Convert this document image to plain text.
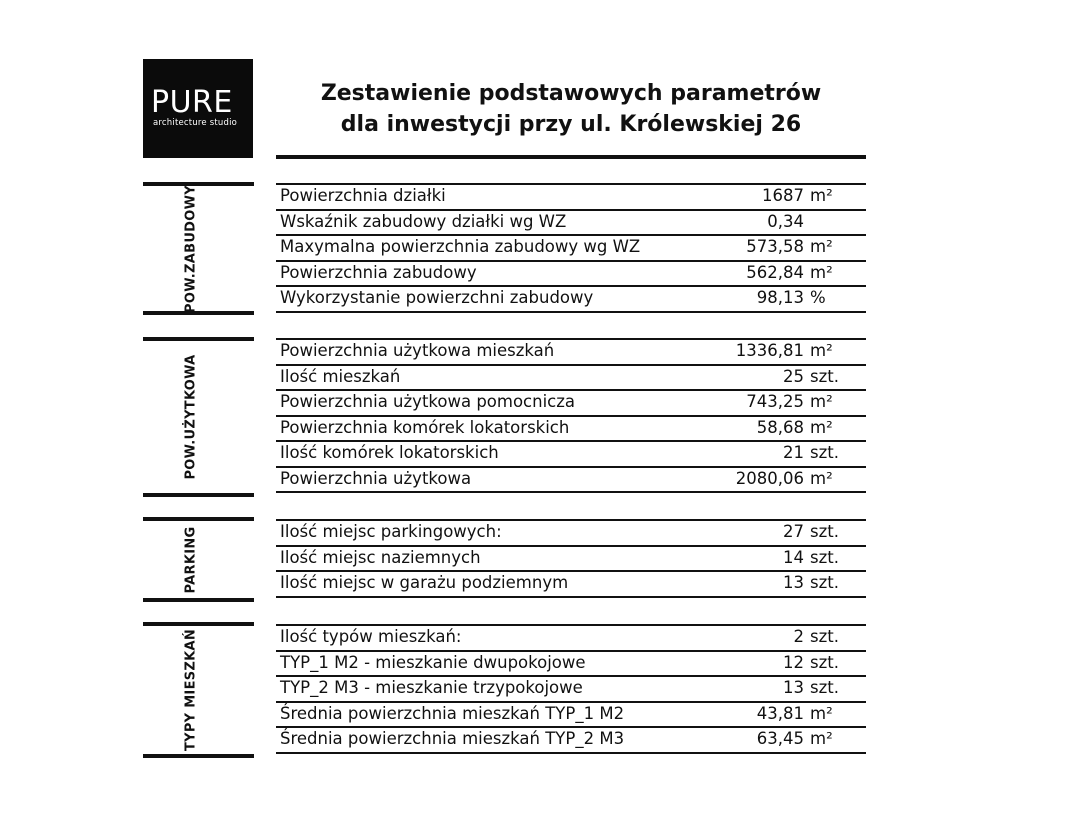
PURE
architecture studio
Zestawienie podstawowych parametrów
dla inwestycji przy ul. Królewskiej 26
POW.ZABUDOWY	Powierzchnia działki	1687 m²
Wskaźnik zabudowy działki wg WZ	0,34
Maxymalna powierzchnia zabudowy wg WZ	573,58 m²
Powierzchnia zabudowy	562,84 m²
Wykorzystanie powierzchni zabudowy	98,13 %
POW.UŻYTKOWA
Powierzchnia użytkowa mieszkań	1336,81 m²
Ilość mieszkań	25 szt.
Powierzchnia użytkowa pomocnicza	743,25 m²
Powierzchnia komórek lokatorskich	58,68 m²
Ilość komórek lokatorskich	21 szt.
Powierzchnia użytkowa	2080,06 m²
PARKING	Ilość miejsc parkingowych:	27 szt.
Ilość miejsc naziemnych	14 szt.
Ilość miejsc w garażu podziemnym	13 szt.
TYPY MIESZKAŃ	Ilość typów mieszkań:	2 szt.
TYP_1 M2 - mieszkanie dwupokojowe	12 szt.
TYP_2 M3 - mieszkanie trzypokojowe	13 szt.
Średnia powierzchnia mieszkań TYP_1 M2	43,81 m²
Średnia powierzchnia mieszkań TYP_2 M3	63,45 m²
